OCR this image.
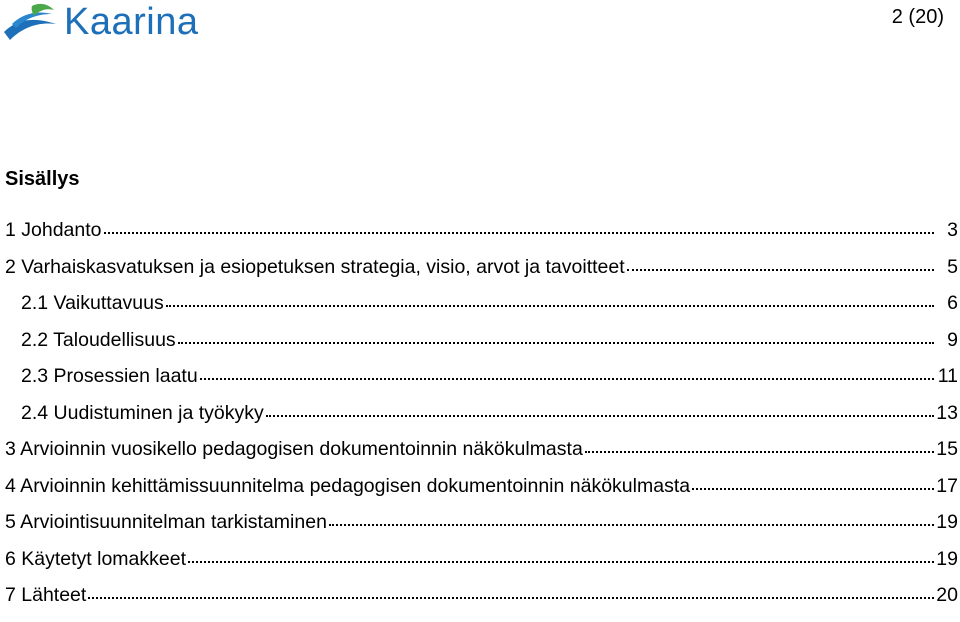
Kaarina	2 (20)
Sisällys
1 Johdanto	3
2 Varhaiskasvatuksen ja esiopetuksen strategia, visio, arvot ja tavoitteet	5
2.1 Vaikuttavuus	6
2.2 Taloudellisuus	9
2.3 Prosessien laatu	11
2.4 Uudistuminen ja työkyky	13
3 Arvioinnin vuosikello pedagogisen dokumentoinnin näkökulmasta	15
4 Arvioinnin kehittämissuunnitelma pedagogisen dokumentoinnin näkökulmasta	17
5 Arviointisuunnitelman tarkistaminen	19
6 Käytetyt lomakkeet	19
7 Lähteet	20
